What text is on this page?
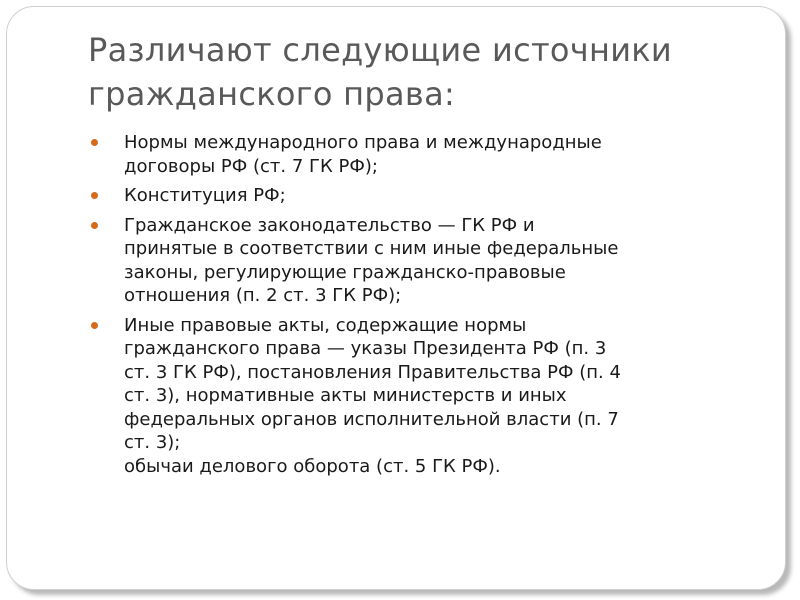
Различают следующие источники
гражданского права:
Нормы международного права и международные
договоры РФ (ст. 7 ГК РФ);
Конституция РФ;
Гражданское законодательство — ГК РФ и
принятые в соответствии с ним иные федеральные
законы, регулирующие гражданско-правовые
отношения (п. 2 ст. 3 ГК РФ);
Иные правовые акты, содержащие нормы
гражданского права — указы Президента РФ (п. 3
ст. 3 ГК РФ), постановления Правительства РФ (п. 4
ст. 3), нормативные акты министерств и иных
федеральных органов исполнительной власти (п. 7
ст. 3);
обычаи делового оборота (ст. 5 ГК РФ).
